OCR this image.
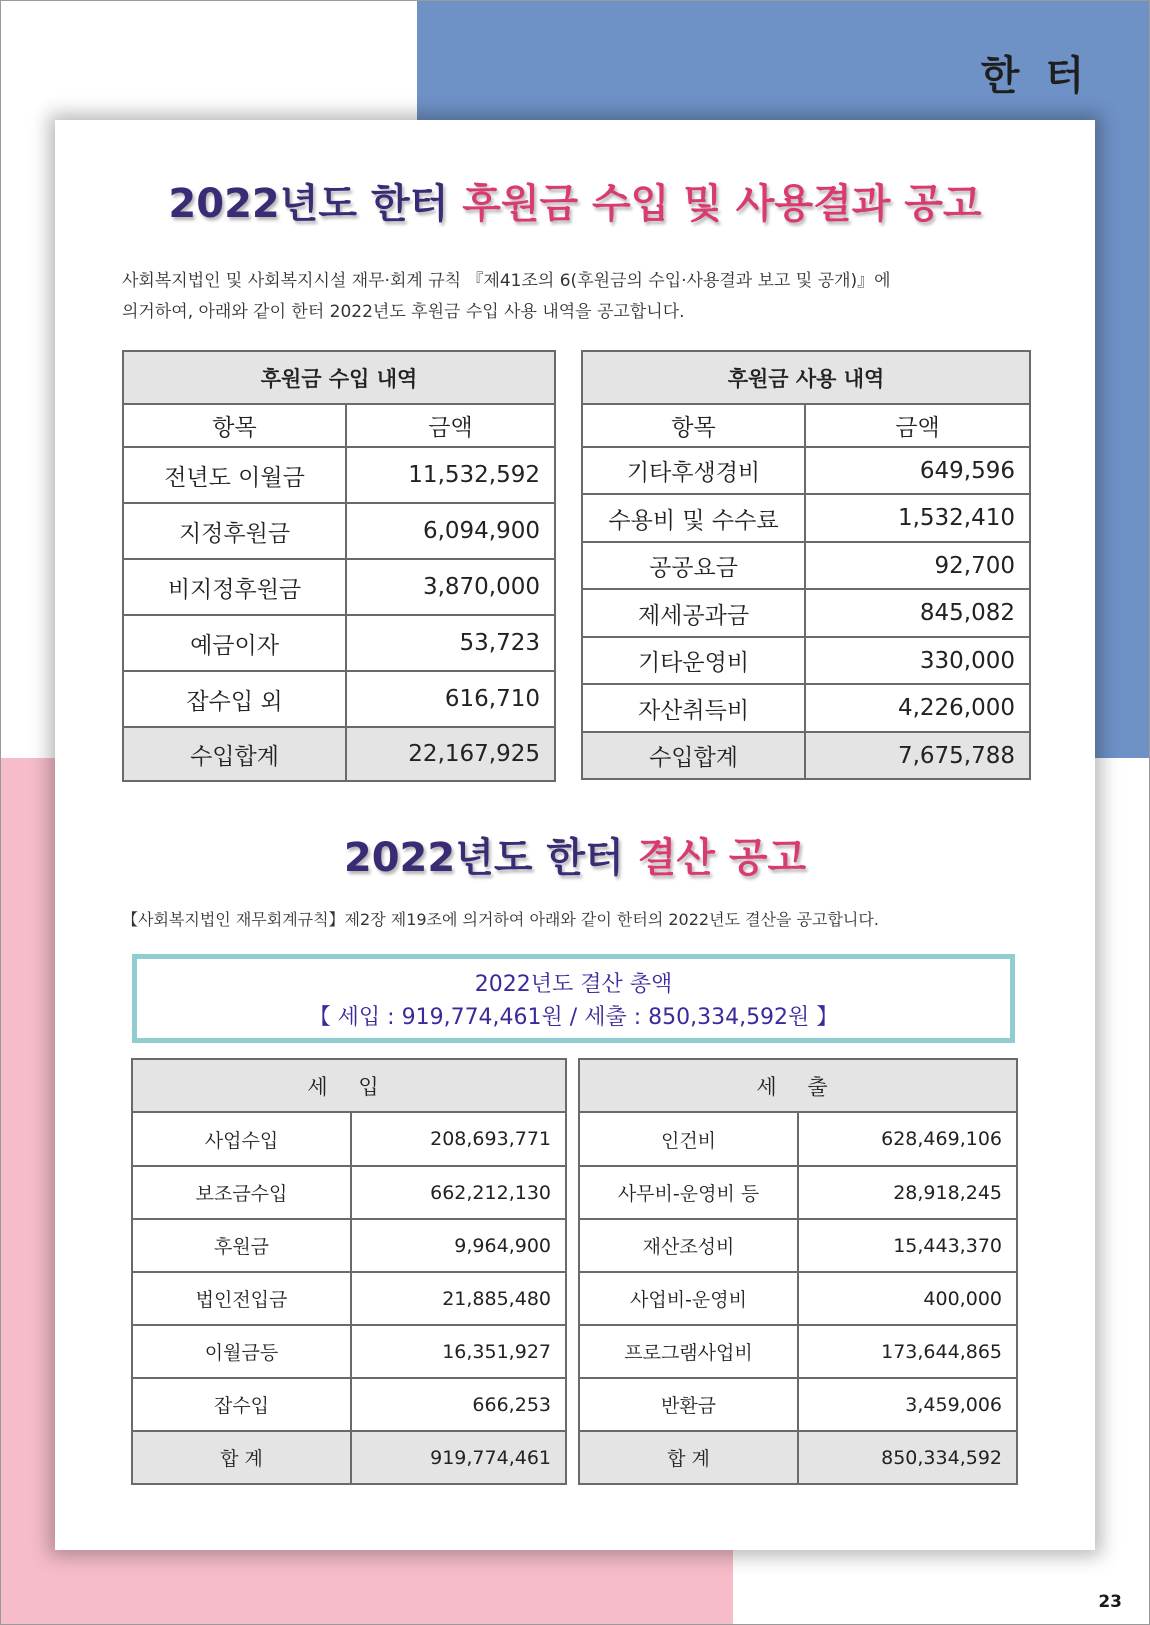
한 터
23
2022년도 한터 후원금 수입 및 사용결과 공고
사회복지법인 및 사회복지시설 재무·회계 규칙 『제41조의 6(후원금의 수입·사용결과 보고 및 공개)』에
의거하여, 아래와 같이 한터 2022년도 후원금 수입 사용 내역을 공고합니다.
후원금 수입 내역	
항목	금액
전년도 이월금	11,532,592
지정후원금	6,094,900
비지정후원금	3,870,000
예금이자	53,723
잡수입 외	616,710
수입합계	22,167,925
후원금 사용 내역	
항목	금액
기타후생경비	649,596
수용비 및 수수료	1,532,410
공공요금	92,700
제세공과금	845,082
기타운영비	330,000
자산취득비	4,226,000
수입합계	7,675,788
2022년도 한터 결산 공고
【사회복지법인 재무회계규칙】제2장 제19조에 의거하여 아래와 같이 한터의 2022년도 결산을 공고합니다.
2022년도 결산 총액
【 세입 : 919,774,461원 / 세출 : 850,334,592원 】
세 입	
사업수입	208,693,771
보조금수입	662,212,130
후원금	9,964,900
법인전입금	21,885,480
이월금등	16,351,927
잡수입	666,253
합 계	919,774,461
세 출	
인건비	628,469,106
사무비-운영비 등	28,918,245
재산조성비	15,443,370
사업비-운영비	400,000
프로그램사업비	173,644,865
반환금	3,459,006
합 계	850,334,592
